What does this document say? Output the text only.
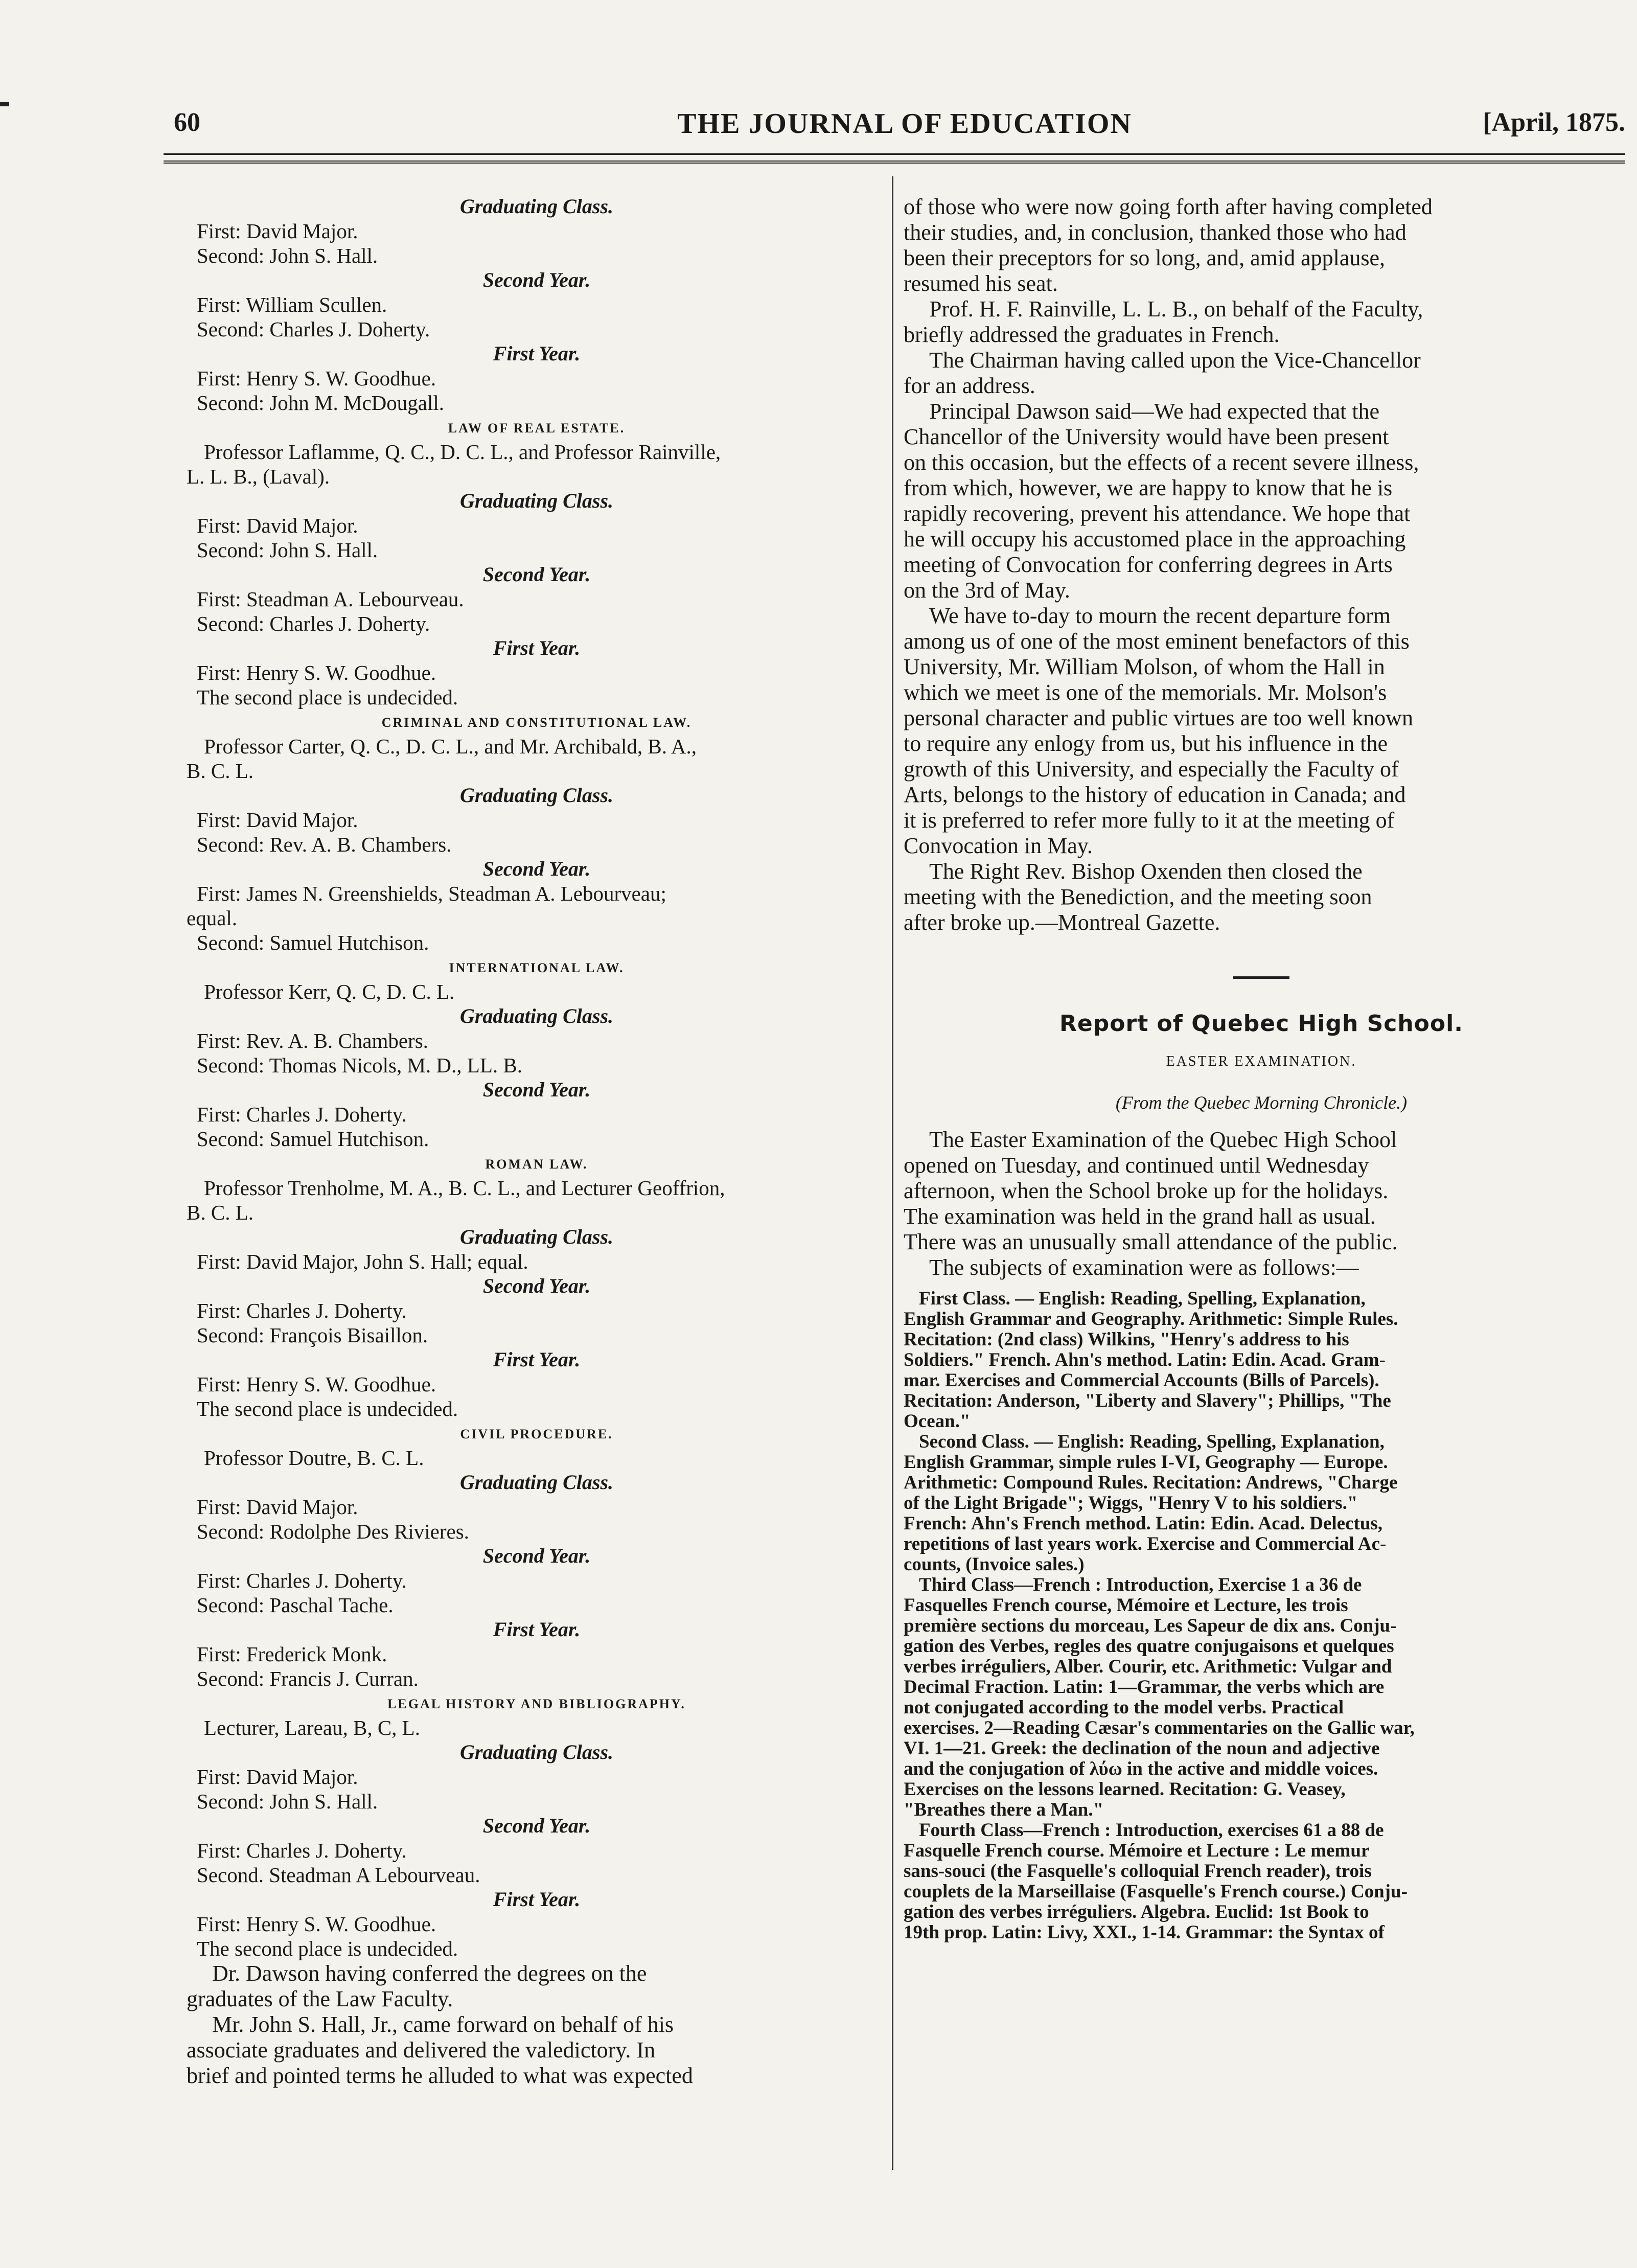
60	THE JOURNAL OF EDUCATION	[April, 1875.
Graduating Class.
First: David Major.
Second: John S. Hall.
Second Year.
First: William Scullen.
Second: Charles J. Doherty.
First Year.
First: Henry S. W. Goodhue.
Second: John M. McDougall.
LAW OF REAL ESTATE.
Professor Laflamme, Q. C., D. C. L., and Professor Rainville,
L. L. B., (Laval).
Graduating Class.
First: David Major.
Second: John S. Hall.
Second Year.
First: Steadman A. Lebourveau.
Second: Charles J. Doherty.
First Year.
First: Henry S. W. Goodhue.
The second place is undecided.
CRIMINAL AND CONSTITUTIONAL LAW.
Professor Carter, Q. C., D. C. L., and Mr. Archibald, B. A.,
B. C. L.
Graduating Class.
First: David Major.
Second: Rev. A. B. Chambers.
Second Year.
First: James N. Greenshields, Steadman A. Lebourveau;
equal.
Second: Samuel Hutchison.
INTERNATIONAL LAW.
Professor Kerr, Q. C, D. C. L.
Graduating Class.
First: Rev. A. B. Chambers.
Second: Thomas Nicols, M. D., LL. B.
Second Year.
First: Charles J. Doherty.
Second: Samuel Hutchison.
ROMAN LAW.
Professor Trenholme, M. A., B. C. L., and Lecturer Geoffrion,
B. C. L.
Graduating Class.
First: David Major, John S. Hall; equal.
Second Year.
First: Charles J. Doherty.
Second: François Bisaillon.
First Year.
First: Henry S. W. Goodhue.
The second place is undecided.
CIVIL PROCEDURE.
Professor Doutre, B. C. L.
Graduating Class.
First: David Major.
Second: Rodolphe Des Rivieres.
Second Year.
First: Charles J. Doherty.
Second: Paschal Tache.
First Year.
First: Frederick Monk.
Second: Francis J. Curran.
LEGAL HISTORY AND BIBLIOGRAPHY.
Lecturer, Lareau, B, C, L.
Graduating Class.
First: David Major.
Second: John S. Hall.
Second Year.
First: Charles J. Doherty.
Second. Steadman A Lebourveau.
First Year.
First: Henry S. W. Goodhue.
The second place is undecided.
Dr. Dawson having conferred the degrees on the
graduates of the Law Faculty.
Mr. John S. Hall, Jr., came forward on behalf of his
associate graduates and delivered the valedictory. In
brief and pointed terms he alluded to what was expected
of those who were now going forth after having completed
their studies, and, in conclusion, thanked those who had
been their preceptors for so long, and, amid applause,
resumed his seat.
Prof. H. F. Rainville, L. L. B., on behalf of the Faculty,
briefly addressed the graduates in French.
The Chairman having called upon the Vice-Chancellor
for an address.
Principal Dawson said—We had expected that the
Chancellor of the University would have been present
on this occasion, but the effects of a recent severe illness,
from which, however, we are happy to know that he is
rapidly recovering, prevent his attendance. We hope that
he will occupy his accustomed place in the approaching
meeting of Convocation for conferring degrees in Arts
on the 3rd of May.
We have to-day to mourn the recent departure form
among us of one of the most eminent benefactors of this
University, Mr. William Molson, of whom the Hall in
which we meet is one of the memorials. Mr. Molson's
personal character and public virtues are too well known
to require any enlogy from us, but his influence in the
growth of this University, and especially the Faculty of
Arts, belongs to the history of education in Canada; and
it is preferred to refer more fully to it at the meeting of
Convocation in May.
The Right Rev. Bishop Oxenden then closed the
meeting with the Benediction, and the meeting soon
after broke up.—Montreal Gazette.
Report of Quebec High School.
EASTER EXAMINATION.
(From the Quebec Morning Chronicle.)
The Easter Examination of the Quebec High School
opened on Tuesday, and continued until Wednesday
afternoon, when the School broke up for the holidays.
The examination was held in the grand hall as usual.
There was an unusually small attendance of the public.
The subjects of examination were as follows:—
First Class. — English: Reading, Spelling, Explanation,
English Grammar and Geography. Arithmetic: Simple Rules.
Recitation: (2nd class) Wilkins, "Henry's address to his
Soldiers." French. Ahn's method. Latin: Edin. Acad. Gram-
mar. Exercises and Commercial Accounts (Bills of Parcels).
Recitation: Anderson, "Liberty and Slavery"; Phillips, "The
Ocean."
Second Class. — English: Reading, Spelling, Explanation,
English Grammar, simple rules I-VI, Geography — Europe.
Arithmetic: Compound Rules. Recitation: Andrews, "Charge
of the Light Brigade"; Wiggs, "Henry V to his soldiers."
French: Ahn's French method. Latin: Edin. Acad. Delectus,
repetitions of last years work. Exercise and Commercial Ac-
counts, (Invoice sales.)
Third Class—French : Introduction, Exercise 1 a 36 de
Fasquelles French course, Mémoire et Lecture, les trois
première sections du morceau, Les Sapeur de dix ans. Conju-
gation des Verbes, regles des quatre conjugaisons et quelques
verbes irréguliers, Alber. Courir, etc. Arithmetic: Vulgar and
Decimal Fraction. Latin: 1—Grammar, the verbs which are
not conjugated according to the model verbs. Practical
exercises. 2—Reading Cæsar's commentaries on the Gallic war,
VI. 1—21. Greek: the declination of the noun and adjective
and the conjugation of λύω in the active and middle voices.
Exercises on the lessons learned. Recitation: G. Veasey,
"Breathes there a Man."
Fourth Class—French : Introduction, exercises 61 a 88 de
Fasquelle French course. Mémoire et Lecture : Le memur
sans-souci (the Fasquelle's colloquial French reader), trois
couplets de la Marseillaise (Fasquelle's French course.) Conju-
gation des verbes irréguliers. Algebra. Euclid: 1st Book to
19th prop. Latin: Livy, XXI., 1-14. Grammar: the Syntax of
